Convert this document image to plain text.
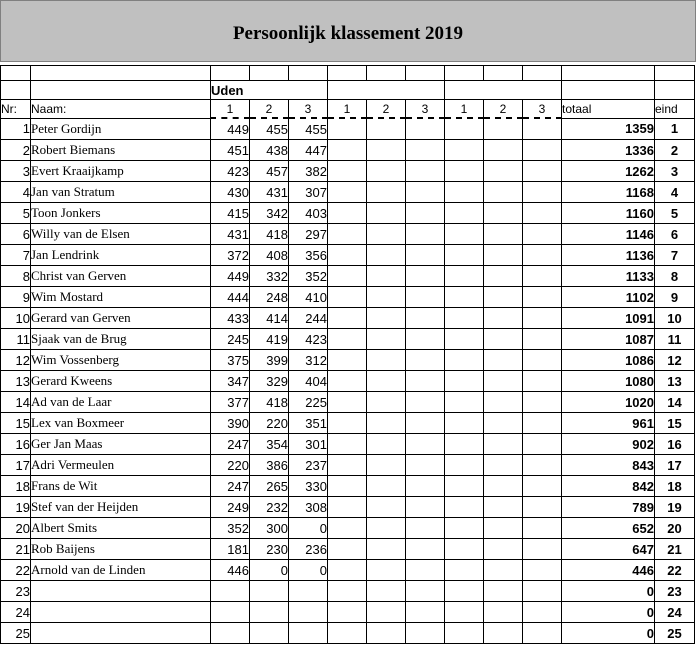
Persoonlijk klassement 2019

		Uden										
Nr:	Naam:	1	2	3	1	2	3	1	2	3	totaal	eind
1	Peter Gordijn	449	455	455							1359	1
2	Robert Biemans	451	438	447							1336	2
3	Evert Kraaijkamp	423	457	382							1262	3
4	Jan van Stratum	430	431	307							1168	4
5	Toon Jonkers	415	342	403							1160	5
6	Willy van de Elsen	431	418	297							1146	6
7	Jan Lendrink	372	408	356							1136	7
8	Christ van Gerven	449	332	352							1133	8
9	Wim Mostard	444	248	410							1102	9
10	Gerard van Gerven	433	414	244							1091	10
11	Sjaak van de Brug	245	419	423							1087	11
12	Wim Vossenberg	375	399	312							1086	12
13	Gerard Kweens	347	329	404							1080	13
14	Ad van de Laar	377	418	225							1020	14
15	Lex van Boxmeer	390	220	351							961	15
16	Ger Jan Maas	247	354	301							902	16
17	Adri Vermeulen	220	386	237							843	17
18	Frans de Wit	247	265	330							842	18
19	Stef van der Heijden	249	232	308							789	19
20	Albert Smits	352	300	0							652	20
21	Rob Baijens	181	230	236							647	21
22	Arnold van de Linden	446	0	0							446	22
23											0	23
24											0	24
25											0	25
